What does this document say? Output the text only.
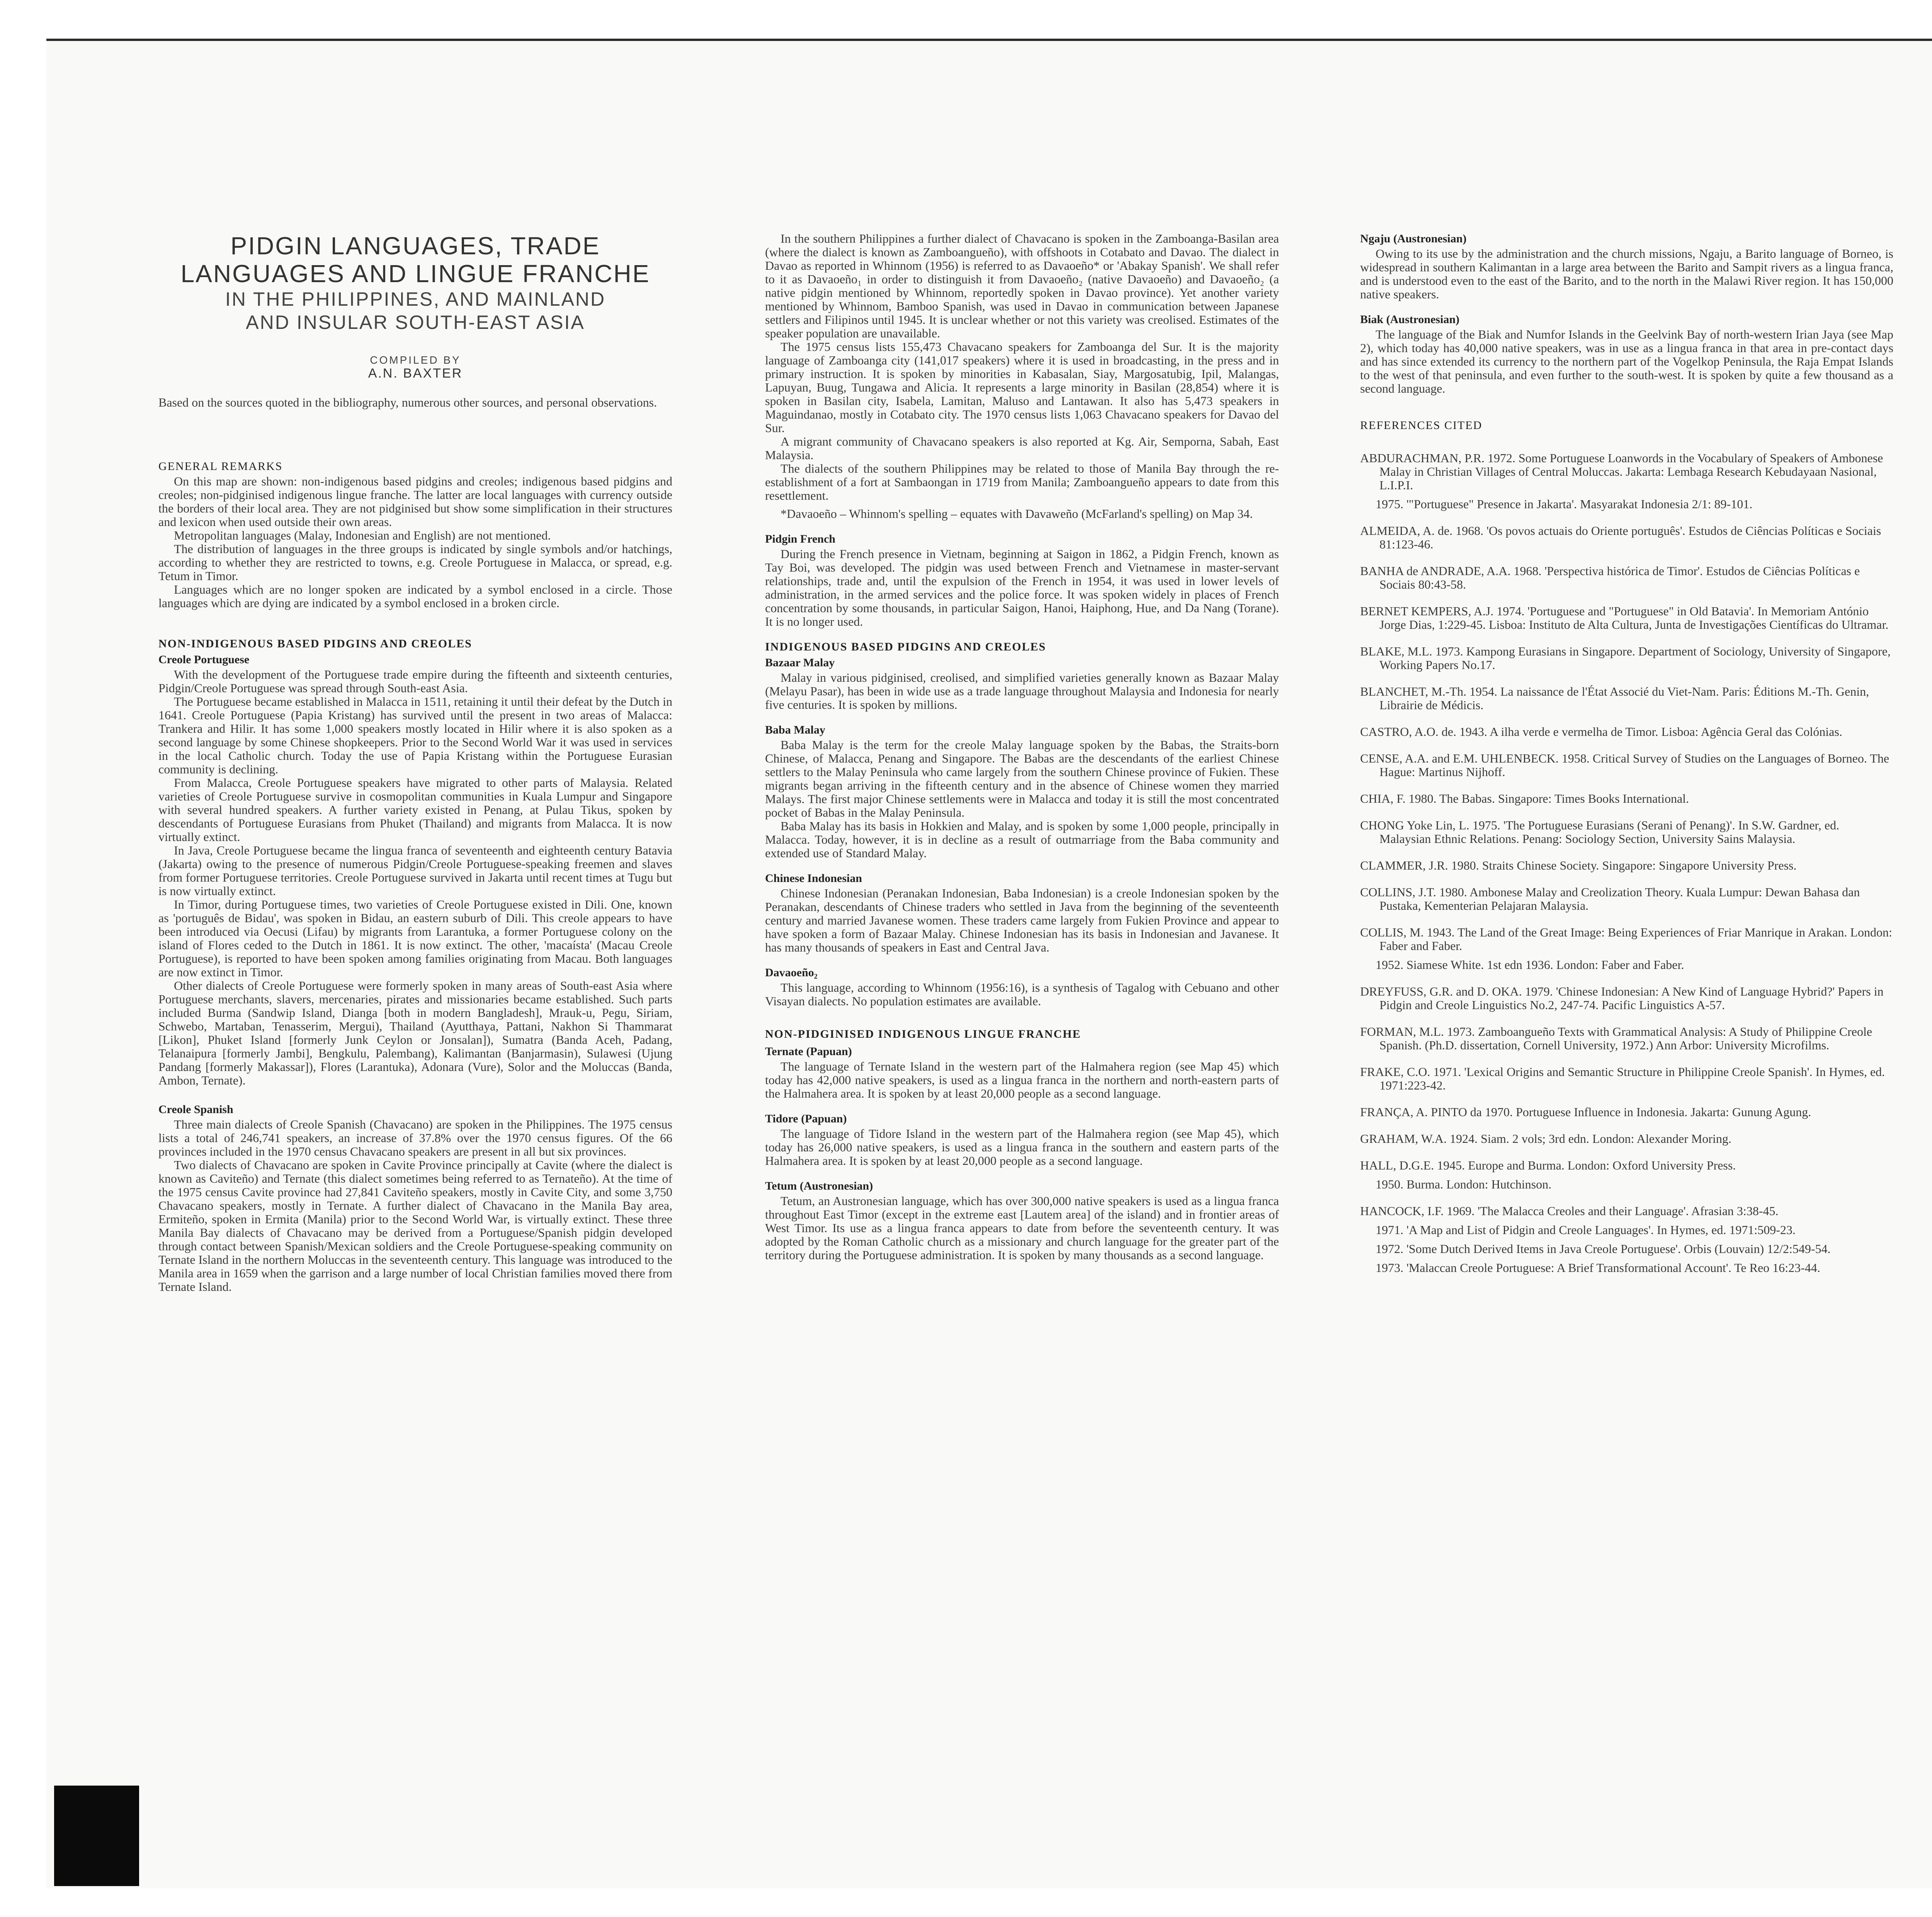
PIDGIN LANGUAGES, TRADE
LANGUAGES AND LINGUE FRANCHE
IN THE PHILIPPINES, AND MAINLAND
AND INSULAR SOUTH-EAST ASIA
COMPILED BY
A.N. BAXTER

Based on the sources quoted in the bibliography, numerous other sources, and personal observations.

GENERAL REMARKS

On this map are shown: non-indigenous based pidgins and creoles; indigenous based pidgins and creoles; non-pidginised indigenous lingue franche. The latter are local languages with currency outside the borders of their local area. They are not pidginised but show some simplification in their structures and lexicon when used outside their own areas.

Metropolitan languages (Malay, Indonesian and English) are not mentioned.

The distribution of languages in the three groups is indicated by single symbols and/or hatchings, according to whether they are restricted to towns, e.g. Creole Portuguese in Malacca, or spread, e.g. Tetum in Timor.

Languages which are no longer spoken are indicated by a symbol enclosed in a circle. Those languages which are dying are indicated by a symbol enclosed in a broken circle.

NON-INDIGENOUS BASED PIDGINS AND CREOLES
Creole Portuguese

With the development of the Portuguese trade empire during the fifteenth and sixteenth centuries, Pidgin/Creole Portuguese was spread through South-east Asia.

The Portuguese became established in Malacca in 1511, retaining it until their defeat by the Dutch in 1641. Creole Portuguese (Papia Kristang) has survived until the present in two areas of Malacca: Trankera and Hilir. It has some 1,000 speakers mostly located in Hilir where it is also spoken as a second language by some Chinese shopkeepers. Prior to the Second World War it was used in services in the local Catholic church. Today the use of Papia Kristang within the Portuguese Eurasian community is declining.

From Malacca, Creole Portuguese speakers have migrated to other parts of Malaysia. Related varieties of Creole Portuguese survive in cosmopolitan communities in Kuala Lumpur and Singapore with several hundred speakers. A further variety existed in Penang, at Pulau Tikus, spoken by descendants of Portuguese Eurasians from Phuket (Thailand) and migrants from Malacca. It is now virtually extinct.

In Java, Creole Portuguese became the lingua franca of seventeenth and eighteenth century Batavia (Jakarta) owing to the presence of numerous Pidgin/Creole Portuguese-speaking freemen and slaves from former Portuguese territories. Creole Portuguese survived in Jakarta until recent times at Tugu but is now virtually extinct.

In Timor, during Portuguese times, two varieties of Creole Portuguese existed in Dili. One, known as 'português de Bidau', was spoken in Bidau, an eastern suburb of Dili. This creole appears to have been introduced via Oecusi (Lifau) by migrants from Larantuka, a former Portuguese colony on the island of Flores ceded to the Dutch in 1861. It is now extinct. The other, 'macaísta' (Macau Creole Portuguese), is reported to have been spoken among families originating from Macau. Both languages are now extinct in Timor.

Other dialects of Creole Portuguese were formerly spoken in many areas of South-east Asia where Portuguese merchants, slavers, mercenaries, pirates and missionaries became established. Such parts included Burma (Sandwip Island, Dianga [both in modern Bangladesh], Mrauk-u, Pegu, Siriam, Schwebo, Martaban, Tenasserim, Mergui), Thailand (Ayutthaya, Pattani, Nakhon Si Thammarat [Likon], Phuket Island [formerly Junk Ceylon or Jonsalan]), Sumatra (Banda Aceh, Padang, Telanaipura [formerly Jambi], Bengkulu, Palembang), Kalimantan (Banjarmasin), Sulawesi (Ujung Pandang [formerly Makassar]), Flores (Larantuka), Adonara (Vure), Solor and the Moluccas (Banda, Ambon, Ternate).

Creole Spanish

Three main dialects of Creole Spanish (Chavacano) are spoken in the Philippines. The 1975 census lists a total of 246,741 speakers, an increase of 37.8% over the 1970 census figures. Of the 66 provinces included in the 1970 census Chavacano speakers are present in all but six provinces.

Two dialects of Chavacano are spoken in Cavite Province principally at Cavite (where the dialect is known as Caviteño) and Ternate (this dialect sometimes being referred to as Ternateño). At the time of the 1975 census Cavite province had 27,841 Caviteño speakers, mostly in Cavite City, and some 3,750 Chavacano speakers, mostly in Ternate. A further dialect of Chavacano in the Manila Bay area, Ermiteño, spoken in Ermita (Manila) prior to the Second World War, is virtually extinct. These three Manila Bay dialects of Chavacano may be derived from a Portuguese/Spanish pidgin developed through contact between Spanish/Mexican soldiers and the Creole Portuguese-speaking community on Ternate Island in the northern Moluccas in the seventeenth century. This language was introduced to the Manila area in 1659 when the garrison and a large number of local Christian families moved there from Ternate Island.

In the southern Philippines a further dialect of Chavacano is spoken in the Zamboanga-Basilan area (where the dialect is known as Zamboangueño), with offshoots in Cotabato and Davao. The dialect in Davao as reported in Whinnom (1956) is referred to as Davaoeño* or 'Abakay Spanish'. We shall refer to it as Davaoeño₁ in order to distinguish it from Davaoeño₂ (native Davaoeño) and Davaoeño₂ (a native pidgin mentioned by Whinnom, reportedly spoken in Davao province). Yet another variety mentioned by Whinnom, Bamboo Spanish, was used in Davao in communication between Japanese settlers and Filipinos until 1945. It is unclear whether or not this variety was creolised. Estimates of the speaker population are unavailable.

The 1975 census lists 155,473 Chavacano speakers for Zamboanga del Sur. It is the majority language of Zamboanga city (141,017 speakers) where it is used in broadcasting, in the press and in primary instruction. It is spoken by minorities in Kabasalan, Siay, Margosatubig, Ipil, Malangas, Lapuyan, Buug, Tungawa and Alicia. It represents a large minority in Basilan (28,854) where it is spoken in Basilan city, Isabela, Lamitan, Maluso and Lantawan. It also has 5,473 speakers in Maguindanao, mostly in Cotabato city. The 1970 census lists 1,063 Chavacano speakers for Davao del Sur.

A migrant community of Chavacano speakers is also reported at Kg. Air, Semporna, Sabah, East Malaysia.

The dialects of the southern Philippines may be related to those of Manila Bay through the re-establishment of a fort at Sambaongan in 1719 from Manila; Zamboangueño appears to date from this resettlement.

*Davaoeño – Whinnom's spelling – equates with Davaweño (McFarland's spelling) on Map 34.

Pidgin French

During the French presence in Vietnam, beginning at Saigon in 1862, a Pidgin French, known as Tay Boi, was developed. The pidgin was used between French and Vietnamese in master-servant relationships, trade and, until the expulsion of the French in 1954, it was used in lower levels of administration, in the armed services and the police force. It was spoken widely in places of French concentration by some thousands, in particular Saigon, Hanoi, Haiphong, Hue, and Da Nang (Torane). It is no longer used.

INDIGENOUS BASED PIDGINS AND CREOLES
Bazaar Malay

Malay in various pidginised, creolised, and simplified varieties generally known as Bazaar Malay (Melayu Pasar), has been in wide use as a trade language throughout Malaysia and Indonesia for nearly five centuries. It is spoken by millions.

Baba Malay

Baba Malay is the term for the creole Malay language spoken by the Babas, the Straits-born Chinese, of Malacca, Penang and Singapore. The Babas are the descendants of the earliest Chinese settlers to the Malay Peninsula who came largely from the southern Chinese province of Fukien. These migrants began arriving in the fifteenth century and in the absence of Chinese women they married Malays. The first major Chinese settlements were in Malacca and today it is still the most concentrated pocket of Babas in the Malay Peninsula.

Baba Malay has its basis in Hokkien and Malay, and is spoken by some 1,000 people, principally in Malacca. Today, however, it is in decline as a result of outmarriage from the Baba community and extended use of Standard Malay.

Chinese Indonesian

Chinese Indonesian (Peranakan Indonesian, Baba Indonesian) is a creole Indonesian spoken by the Peranakan, descendants of Chinese traders who settled in Java from the beginning of the seventeenth century and married Javanese women. These traders came largely from Fukien Province and appear to have spoken a form of Bazaar Malay. Chinese Indonesian has its basis in Indonesian and Javanese. It has many thousands of speakers in East and Central Java.

Davaoeño₂

This language, according to Whinnom (1956:16), is a synthesis of Tagalog with Cebuano and other Visayan dialects. No population estimates are available.

NON-PIDGINISED INDIGENOUS LINGUE FRANCHE
Ternate (Papuan)

The language of Ternate Island in the western part of the Halmahera region (see Map 45) which today has 42,000 native speakers, is used as a lingua franca in the northern and north-eastern parts of the Halmahera area. It is spoken by at least 20,000 people as a second language.

Tidore (Papuan)

The language of Tidore Island in the western part of the Halmahera region (see Map 45), which today has 26,000 native speakers, is used as a lingua franca in the southern and eastern parts of the Halmahera area. It is spoken by at least 20,000 people as a second language.

Tetum (Austronesian)

Tetum, an Austronesian language, which has over 300,000 native speakers is used as a lingua franca throughout East Timor (except in the extreme east [Lautem area] of the island) and in frontier areas of West Timor. Its use as a lingua franca appears to date from before the seventeenth century. It was adopted by the Roman Catholic church as a missionary and church language for the greater part of the territory during the Portuguese administration. It is spoken by many thousands as a second language.

Ngaju (Austronesian)

Owing to its use by the administration and the church missions, Ngaju, a Barito language of Borneo, is widespread in southern Kalimantan in a large area between the Barito and Sampit rivers as a lingua franca, and is understood even to the east of the Barito, and to the north in the Malawi River region. It has 150,000 native speakers.

Biak (Austronesian)

The language of the Biak and Numfor Islands in the Geelvink Bay of north-western Irian Jaya (see Map 2), which today has 40,000 native speakers, was in use as a lingua franca in that area in pre-contact days and has since extended its currency to the northern part of the Vogelkop Peninsula, the Raja Empat Islands to the west of that peninsula, and even further to the south-west. It is spoken by quite a few thousand as a second language.

REFERENCES CITED
ABDURACHMAN, P.R. 1972. Some Portuguese Loanwords in the Vocabulary of Speakers of Ambonese Malay in Christian Villages of Central Moluccas. Jakarta: Lembaga Research Kebudayaan Nasional, L.I.P.I.
1975. '"Portuguese" Presence in Jakarta'. Masyarakat Indonesia 2/1: 89-101.
ALMEIDA, A. de. 1968. 'Os povos actuais do Oriente português'. Estudos de Ciências Políticas e Sociais 81:123-46.
BANHA de ANDRADE, A.A. 1968. 'Perspectiva histórica de Timor'. Estudos de Ciências Políticas e Sociais 80:43-58.
BERNET KEMPERS, A.J. 1974. 'Portuguese and "Portuguese" in Old Batavia'. In Memoriam António Jorge Dias, 1:229-45. Lisboa: Instituto de Alta Cultura, Junta de Investigações Científicas do Ultramar.
BLAKE, M.L. 1973. Kampong Eurasians in Singapore. Department of Sociology, University of Singapore, Working Papers No.17.
BLANCHET, M.-Th. 1954. La naissance de l'État Associé du Viet-Nam. Paris: Éditions M.-Th. Genin, Librairie de Médicis.
CASTRO, A.O. de. 1943. A ilha verde e vermelha de Timor. Lisboa: Agência Geral das Colónias.
CENSE, A.A. and E.M. UHLENBECK. 1958. Critical Survey of Studies on the Languages of Borneo. The Hague: Martinus Nijhoff.
CHIA, F. 1980. The Babas. Singapore: Times Books International.
CHONG Yoke Lin, L. 1975. 'The Portuguese Eurasians (Serani of Penang)'. In S.W. Gardner, ed. Malaysian Ethnic Relations. Penang: Sociology Section, University Sains Malaysia.
CLAMMER, J.R. 1980. Straits Chinese Society. Singapore: Singapore University Press.
COLLINS, J.T. 1980. Ambonese Malay and Creolization Theory. Kuala Lumpur: Dewan Bahasa dan Pustaka, Kementerian Pelajaran Malaysia.
COLLIS, M. 1943. The Land of the Great Image: Being Experiences of Friar Manrique in Arakan. London: Faber and Faber.
1952. Siamese White. 1st edn 1936. London: Faber and Faber.
DREYFUSS, G.R. and D. OKA. 1979. 'Chinese Indonesian: A New Kind of Language Hybrid?' Papers in Pidgin and Creole Linguistics No.2, 247-74. Pacific Linguistics A-57.
FORMAN, M.L. 1973. Zamboangueño Texts with Grammatical Analysis: A Study of Philippine Creole Spanish. (Ph.D. dissertation, Cornell University, 1972.) Ann Arbor: University Microfilms.
FRAKE, C.O. 1971. 'Lexical Origins and Semantic Structure in Philippine Creole Spanish'. In Hymes, ed. 1971:223-42.
FRANÇA, A. PINTO da 1970. Portuguese Influence in Indonesia. Jakarta: Gunung Agung.
GRAHAM, W.A. 1924. Siam. 2 vols; 3rd edn. London: Alexander Moring.
HALL, D.G.E. 1945. Europe and Burma. London: Oxford University Press.
1950. Burma. London: Hutchinson.
HANCOCK, I.F. 1969. 'The Malacca Creoles and their Language'. Afrasian 3:38-45.
1971. 'A Map and List of Pidgin and Creole Languages'. In Hymes, ed. 1971:509-23.
1972. 'Some Dutch Derived Items in Java Creole Portuguese'. Orbis (Louvain) 12/2:549-54.
1973. 'Malaccan Creole Portuguese: A Brief Transformational Account'. Te Reo 16:23-44.
